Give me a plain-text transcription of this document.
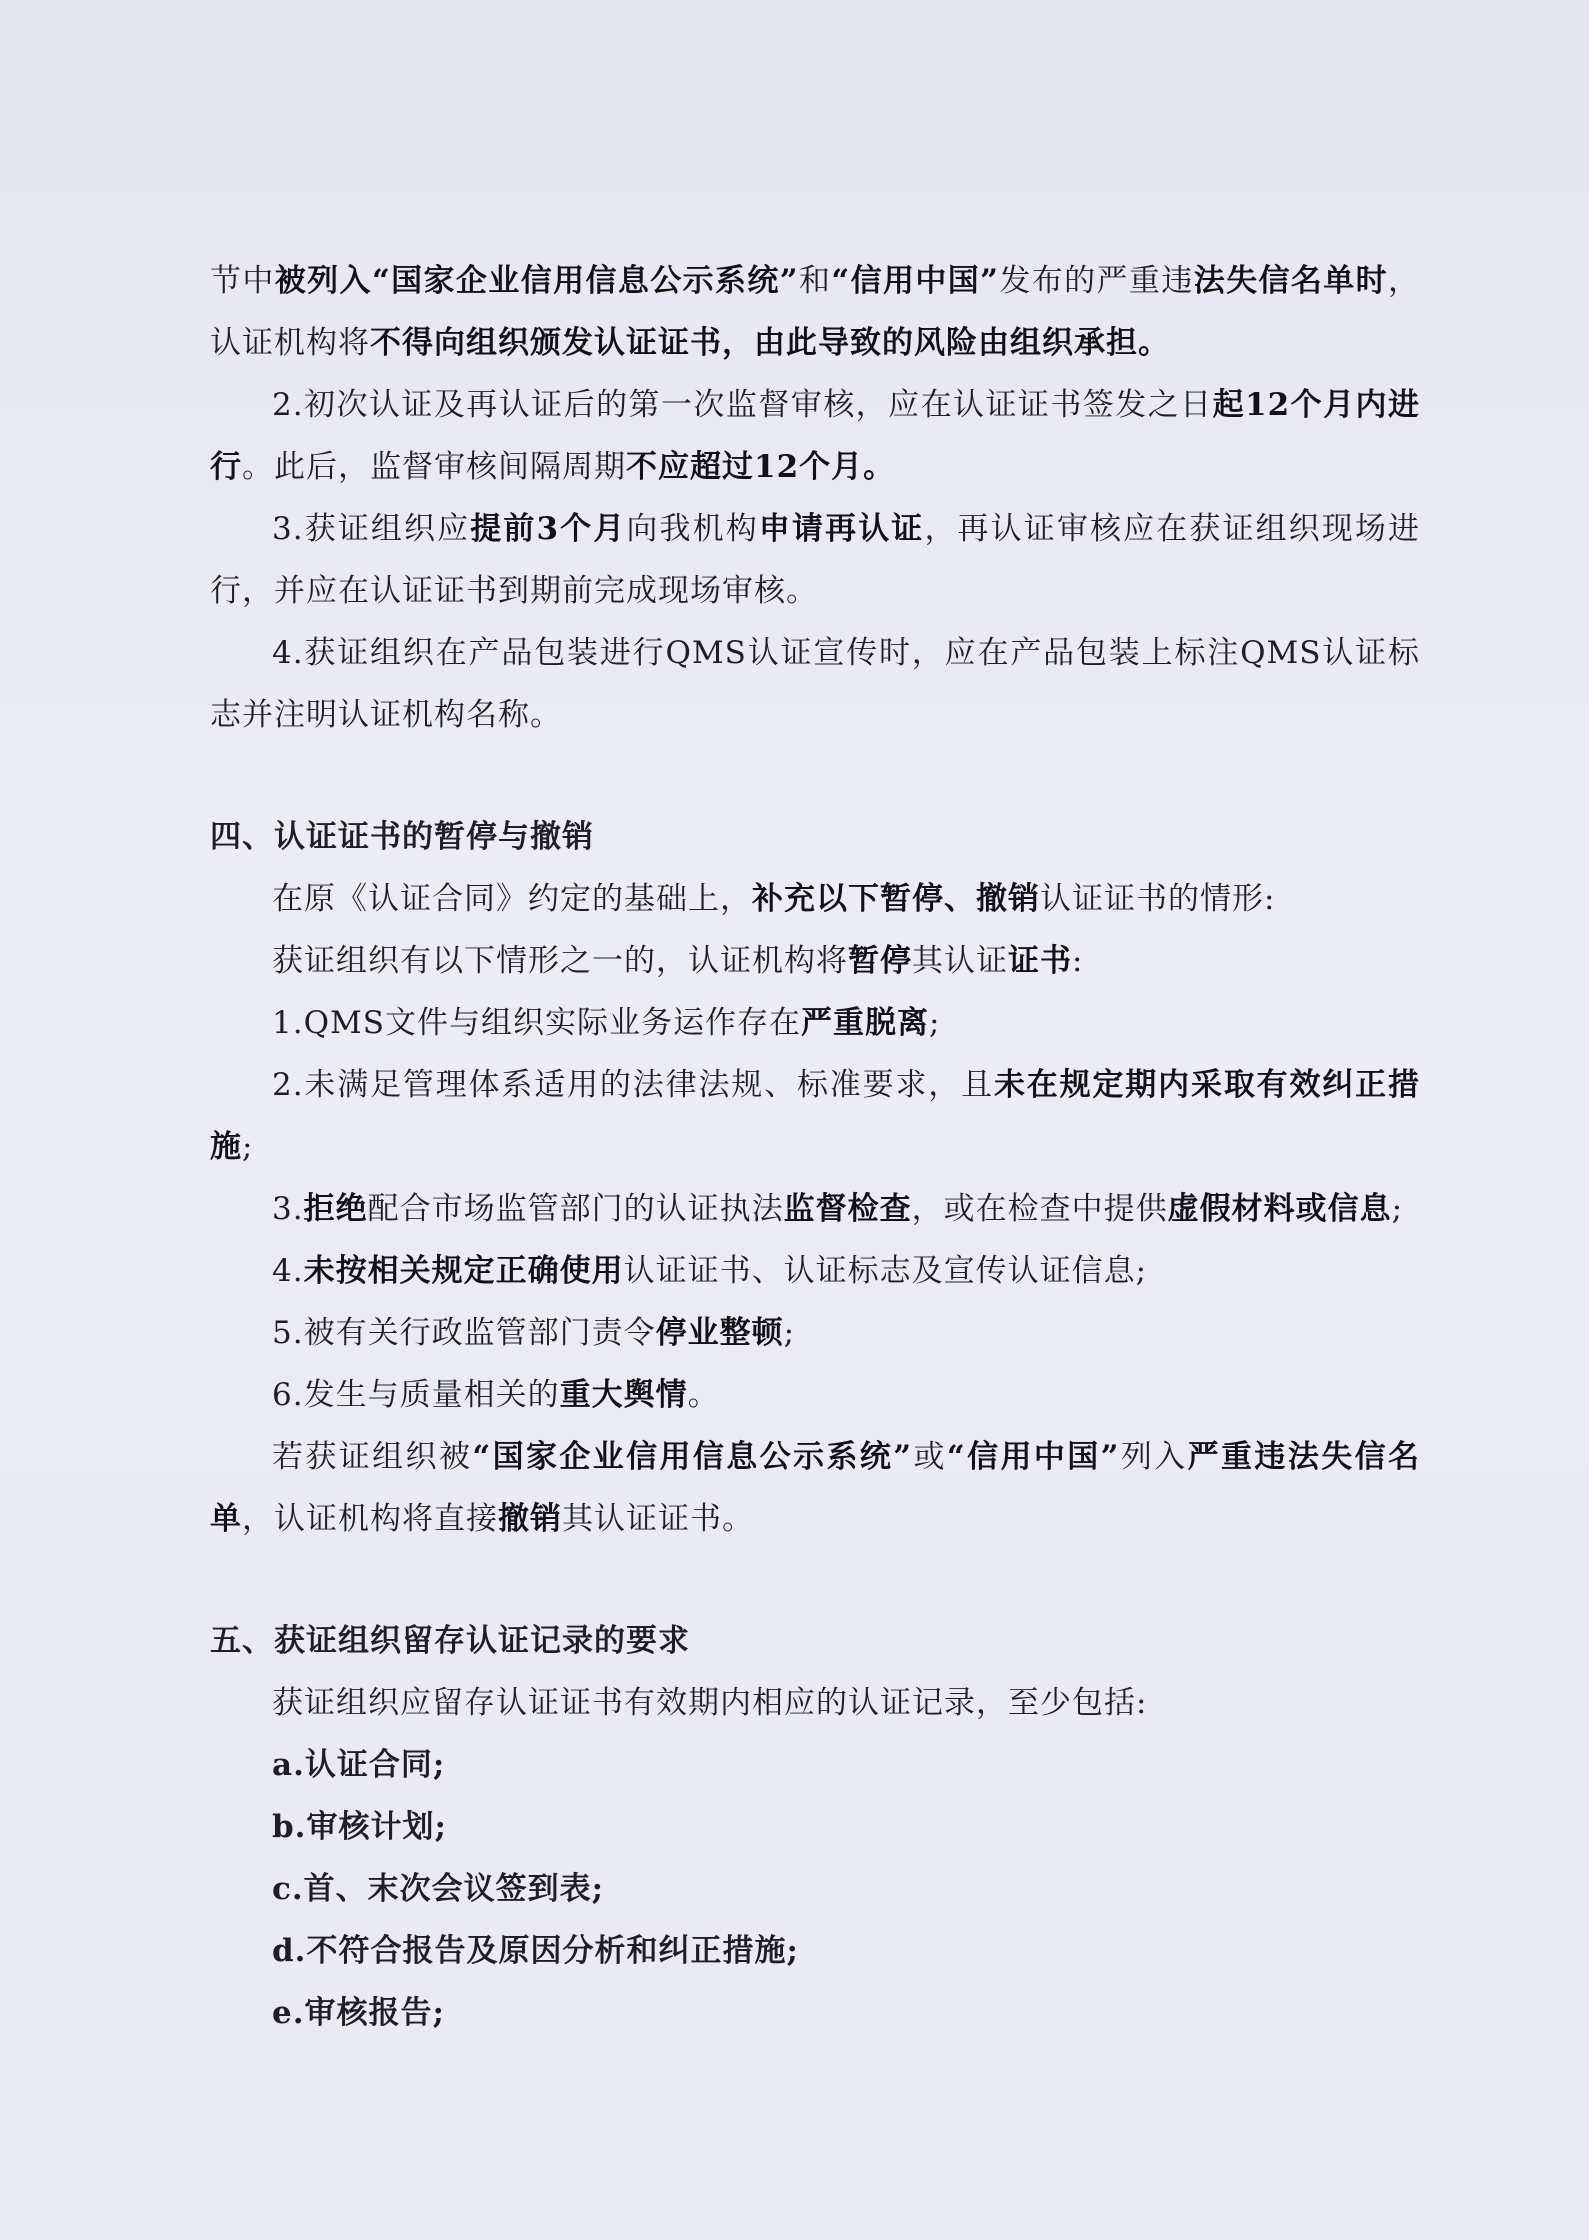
节中被列入“国家企业信用信息公示系统”和“信用中国”发布的严重违法失信名单时，认证机构将不得向组织颁发认证证书，由此导致的风险由组织承担。

2.初次认证及再认证后的第一次监督审核，应在认证证书签发之日起12个月内进行。此后，监督审核间隔周期不应超过12个月。

3.获证组织应提前3个月向我机构申请再认证，再认证审核应在获证组织现场进行，并应在认证证书到期前完成现场审核。

4.获证组织在产品包装进行QMS认证宣传时，应在产品包装上标注QMS认证标志并注明认证机构名称。

四、认证证书的暂停与撤销

在原《认证合同》约定的基础上，补充以下暂停、撤销认证证书的情形:

获证组织有以下情形之一的，认证机构将暂停其认证证书:

1.QMS文件与组织实际业务运作存在严重脱离;

2.未满足管理体系适用的法律法规、标准要求，且未在规定期内采取有效纠正措施;

3.拒绝配合市场监管部门的认证执法监督检查，或在检查中提供虚假材料或信息;

4.未按相关规定正确使用认证证书、认证标志及宣传认证信息;

5.被有关行政监管部门责令停业整顿;

6.发生与质量相关的重大舆情。

若获证组织被“国家企业信用信息公示系统”或“信用中国”列入严重违法失信名单，认证机构将直接撤销其认证证书。

五、获证组织留存认证记录的要求

获证组织应留存认证证书有效期内相应的认证记录，至少包括:

a.认证合同;

b.审核计划;

c.首、末次会议签到表;

d.不符合报告及原因分析和纠正措施;

e.审核报告;
